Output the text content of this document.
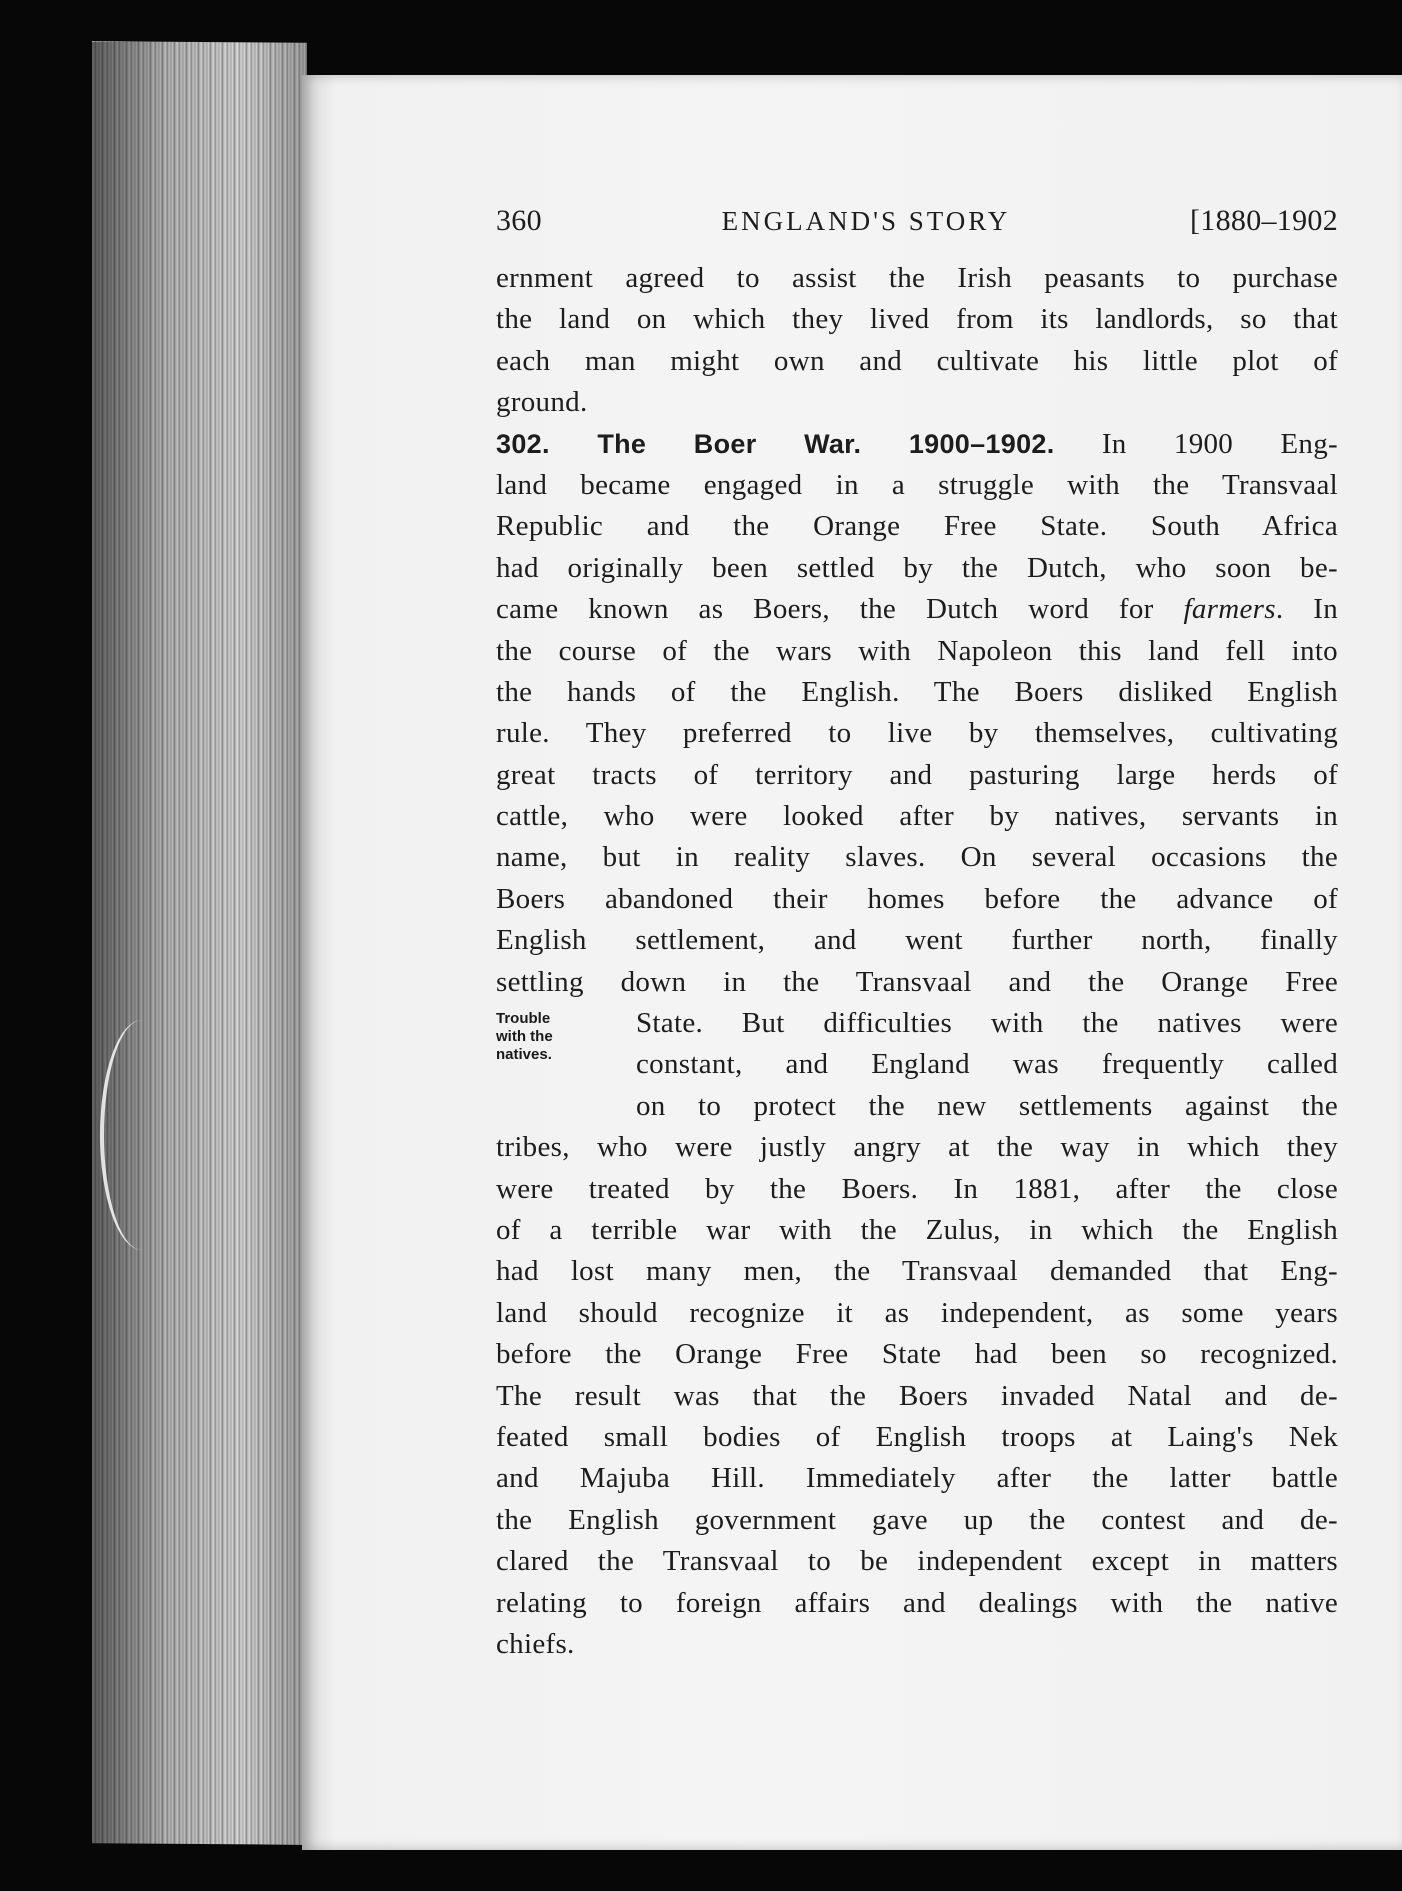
360	ENGLAND'S STORY	[1880–1902
ernment agreed to assist the Irish peasants to purchase
the land on which they lived from its landlords, so that
each man might own and cultivate his little plot of
ground.
302. The Boer War. 1900–1902. In 1900 Eng-
land became engaged in a struggle with the Transvaal
Republic and the Orange Free State. South Africa
had originally been settled by the Dutch, who soon be-
came known as Boers, the Dutch word for farmers. In
the course of the wars with Napoleon this land fell into
the hands of the English. The Boers disliked English
rule. They preferred to live by themselves, cultivating
great tracts of territory and pasturing large herds of
cattle, who were looked after by natives, servants in
name, but in reality slaves. On several occasions the
Boers abandoned their homes before the advance of
English settlement, and went further north, finally
settling down in the Transvaal and the Orange Free
State. But difficulties with the natives were
constant, and England was frequently called
on to protect the new settlements against the
tribes, who were justly angry at the way in which they
were treated by the Boers. In 1881, after the close
of a terrible war with the Zulus, in which the English
had lost many men, the Transvaal demanded that Eng-
land should recognize it as independent, as some years
before the Orange Free State had been so recognized.
The result was that the Boers invaded Natal and de-
feated small bodies of English troops at Laing's Nek
and Majuba Hill. Immediately after the latter battle
the English government gave up the contest and de-
clared the Transvaal to be independent except in matters
relating to foreign affairs and dealings with the native
chiefs.
Trouble
with the
natives.
